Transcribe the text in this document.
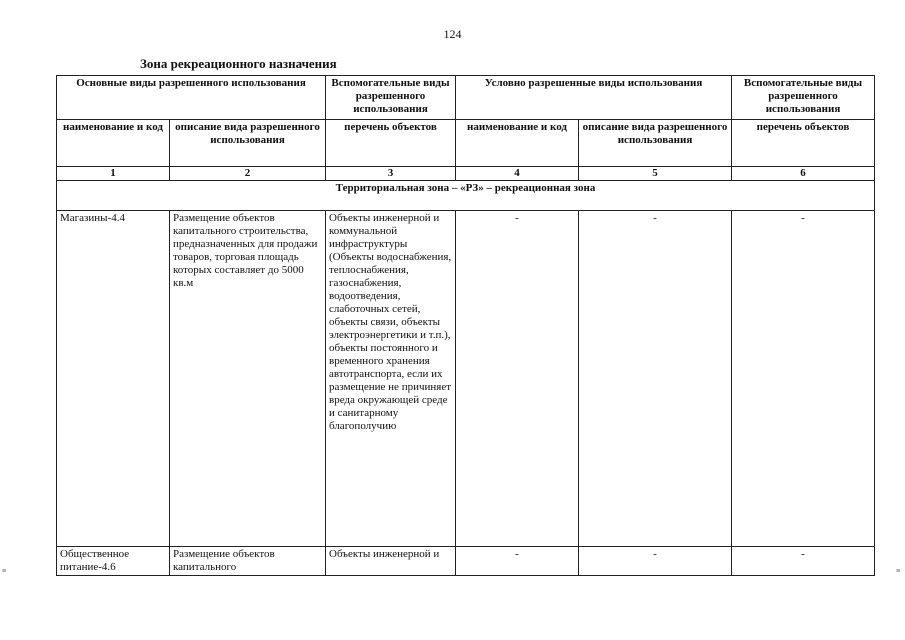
124
Зона рекреационного назначения
Основные виды разрешенного использования		Вспомогательные виды разрешенного использования	Условно разрешенные виды использования		Вспомогательные виды разрешенного использования
наименование и код	описание вида разрешенного использования	перечень объектов	наименование и код	описание вида разрешенного использования	перечень объектов
1	2	3	4	5	6
Территориальная зона – «РЗ» – рекреационная зона					
Магазины-4.4	Размещение объектов капитального строительства, предназначенных для продажи товаров, торговая площадь которых составляет до 5000 кв.м	Объекты инженерной и коммунальной инфраструктуры (Объекты водоснабжения, теплоснабжения, газоснабжения, водоотведения, слаботочных сетей, объекты связи, объекты электроэнергетики и т.п.), объекты постоянного и временного хранения автотранспорта, если их размещение не причиняет вреда окружающей среде и санитарному благополучию	-	-	-
Общественное питание-4.6	Размещение объектов капитального	Объекты инженерной и	-	-	-
≡	≡
